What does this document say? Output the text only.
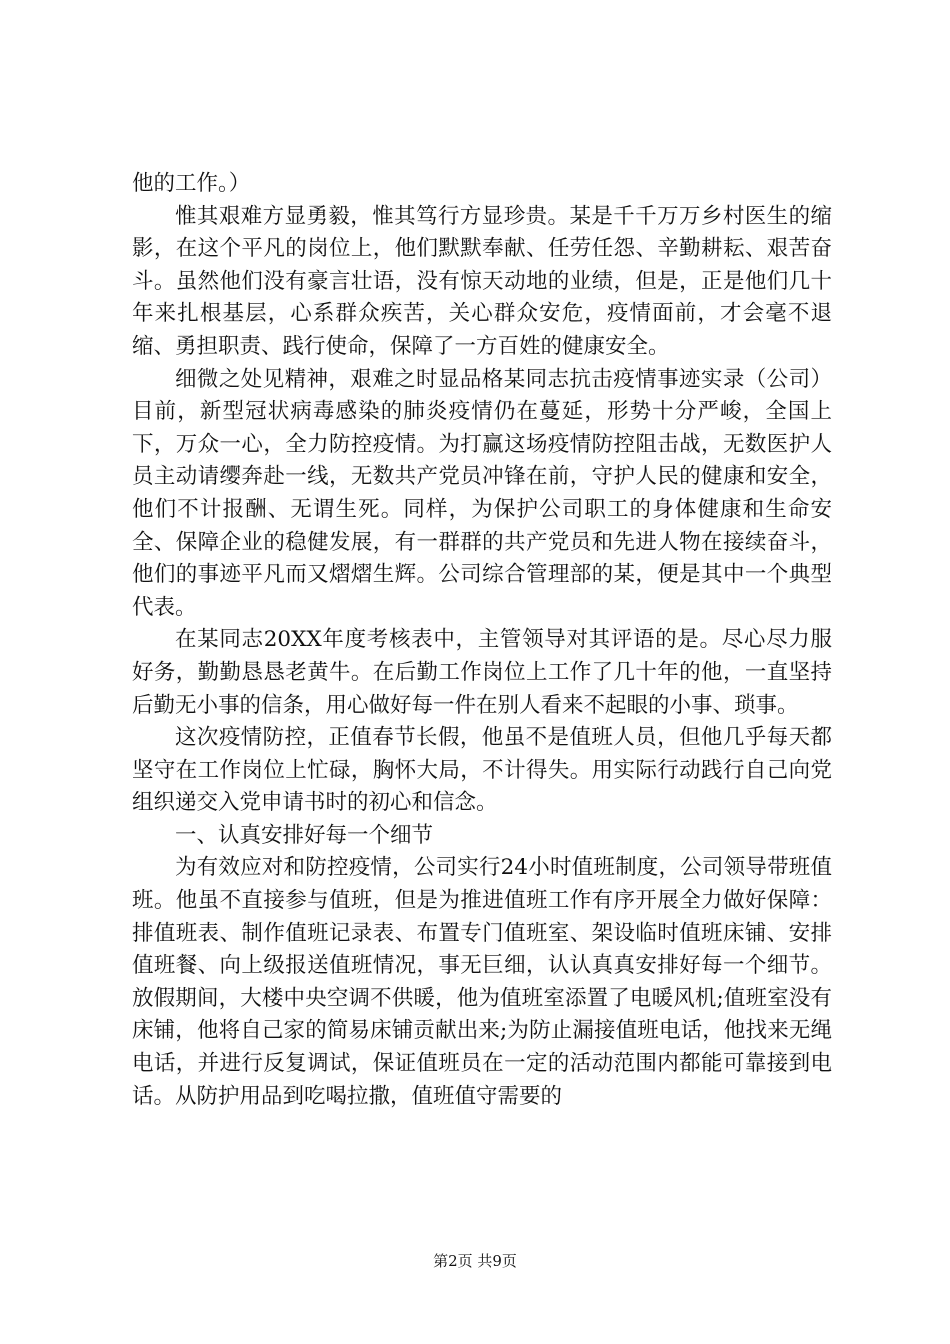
他的工作。）

惟其艰难方显勇毅，惟其笃行方显珍贵。某是千千万万乡村医生的缩影，在这个平凡的岗位上，他们默默奉献、任劳任怨、辛勤耕耘、艰苦奋斗。虽然他们没有豪言壮语，没有惊天动地的业绩，但是，正是他们几十年来扎根基层，心系群众疾苦，关心群众安危，疫情面前，才会毫不退缩、勇担职责、践行使命，保障了一方百姓的健康安全。

细微之处见精神，艰难之时显品格某同志抗击疫情事迹实录（公司）目前，新型冠状病毒感染的肺炎疫情仍在蔓延，形势十分严峻，全国上下，万众一心，全力防控疫情。为打赢这场疫情防控阻击战，无数医护人员主动请缨奔赴一线，无数共产党员冲锋在前，守护人民的健康和安全，他们不计报酬、无谓生死。同样，为保护公司职工的身体健康和生命安全、保障企业的稳健发展，有一群群的共产党员和先进人物在接续奋斗，他们的事迹平凡而又熠熠生辉。公司综合管理部的某，便是其中一个典型代表。

在某同志20XX年度考核表中，主管领导对其评语的是。尽心尽力服好务，勤勤恳恳老黄牛。在后勤工作岗位上工作了几十年的他，一直坚持后勤无小事的信条，用心做好每一件在别人看来不起眼的小事、琐事。

这次疫情防控，正值春节长假，他虽不是值班人员，但他几乎每天都坚守在工作岗位上忙碌，胸怀大局，不计得失。用实际行动践行自己向党组织递交入党申请书时的初心和信念。

一、认真安排好每一个细节

为有效应对和防控疫情，公司实行24小时值班制度，公司领导带班值班。他虽不直接参与值班，但是为推进值班工作有序开展全力做好保障：排值班表、制作值班记录表、布置专门值班室、架设临时值班床铺、安排值班餐、向上级报送值班情况，事无巨细，认认真真安排好每一个细节。放假期间，大楼中央空调不供暖，他为值班室添置了电暖风机;值班室没有床铺，他将自己家的简易床铺贡献出来;为防止漏接值班电话，他找来无绳电话，并进行反复调试，保证值班员在一定的活动范围内都能可靠接到电话。从防护用品到吃喝拉撒，值班值守需要的

第2页 共9页
